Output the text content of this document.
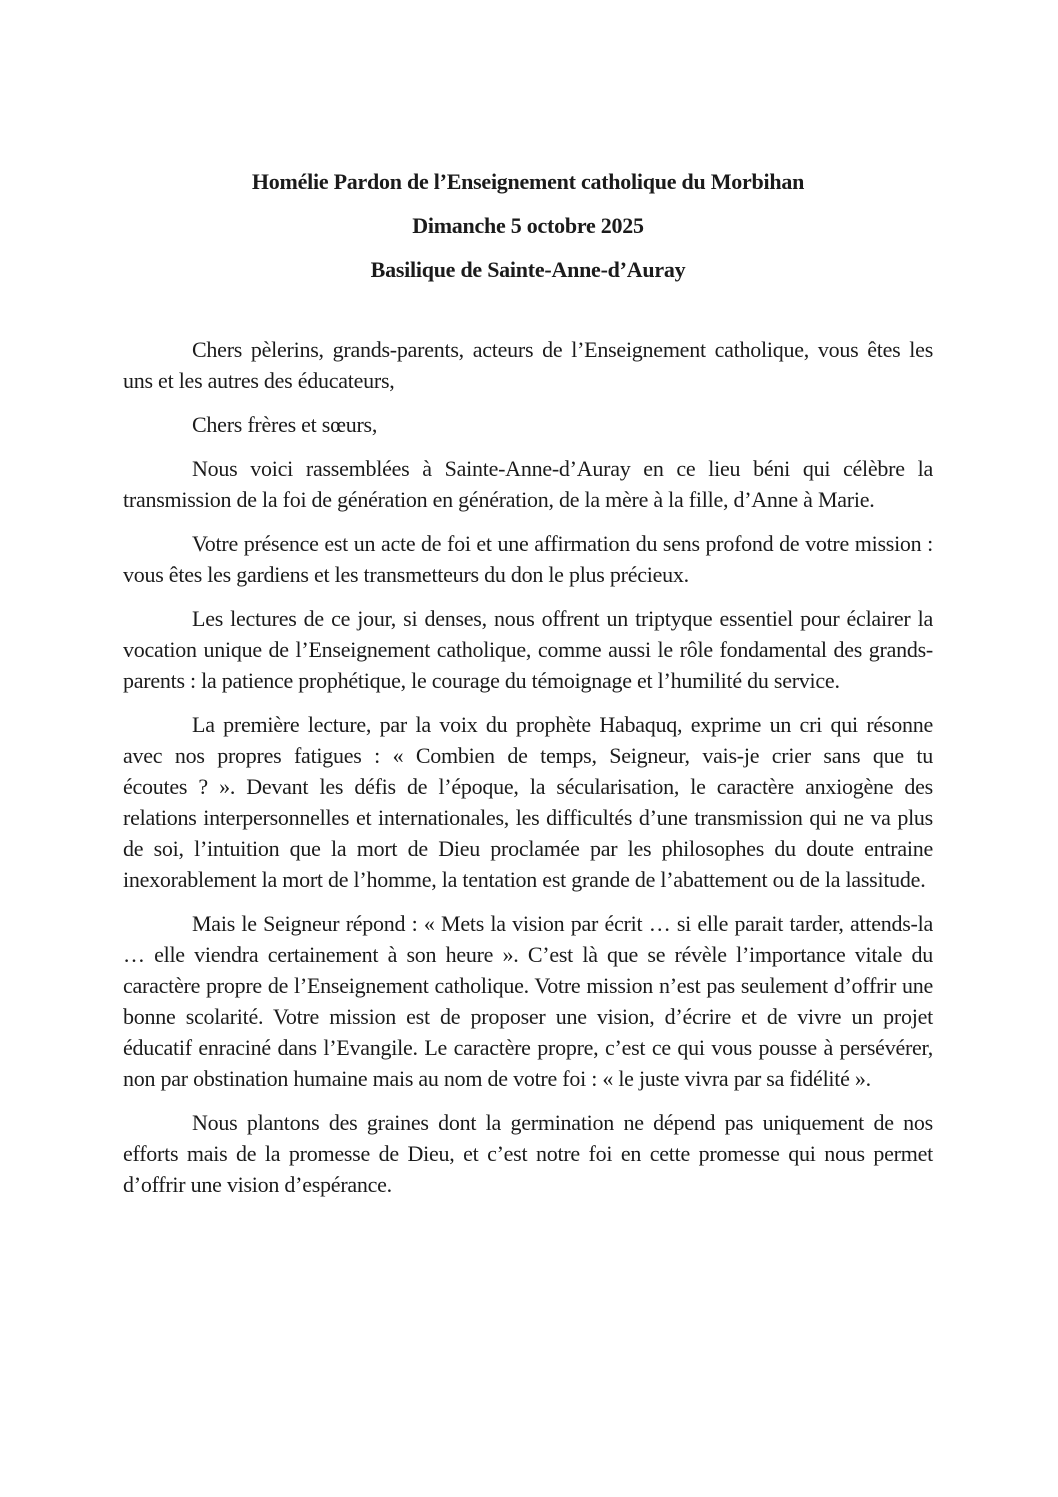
Homélie Pardon de l’Enseignement catholique du Morbihan

Dimanche 5 octobre 2025

Basilique de Sainte-Anne-d’Auray

Chers pèlerins, grands-parents, acteurs de l’Enseignement catholique, vous êtes les uns et les autres des éducateurs,

Chers frères et sœurs,

Nous voici rassemblées à Sainte-Anne-d’Auray en ce lieu béni qui célèbre la transmission de la foi de génération en génération, de la mère à la fille, d’Anne à Marie.

Votre présence est un acte de foi et une affirmation du sens profond de votre mission : vous êtes les gardiens et les transmetteurs du don le plus précieux.

Les lectures de ce jour, si denses, nous offrent un triptyque essentiel pour éclairer la vocation unique de l’Enseignement catholique, comme aussi le rôle fondamental des grands-parents : la patience prophétique, le courage du témoignage et l’humilité du service.

La première lecture, par la voix du prophète Habaquq, exprime un cri qui résonne avec nos propres fatigues : « Combien de temps, Seigneur, vais-je crier sans que tu écoutes ? ». Devant les défis de l’époque, la sécularisation, le caractère anxiogène des relations interpersonnelles et internationales, les difficultés d’une transmission qui ne va plus de soi, l’intuition que la mort de Dieu proclamée par les philosophes du doute entraine inexorablement la mort de l’homme, la tentation est grande de l’abattement ou de la lassitude.

Mais le Seigneur répond : « Mets la vision par écrit … si elle parait tarder, attends-la … elle viendra certainement à son heure ». C’est là que se révèle l’importance vitale du caractère propre de l’Enseignement catholique. Votre mission n’est pas seulement d’offrir une bonne scolarité. Votre mission est de proposer une vision, d’écrire et de vivre un projet éducatif enraciné dans l’Evangile. Le caractère propre, c’est ce qui vous pousse à persévérer, non par obstination humaine mais au nom de votre foi : « le juste vivra par sa fidélité ».

Nous plantons des graines dont la germination ne dépend pas uniquement de nos efforts mais de la promesse de Dieu, et c’est notre foi en cette promesse qui nous permet d’offrir une vision d’espérance.
